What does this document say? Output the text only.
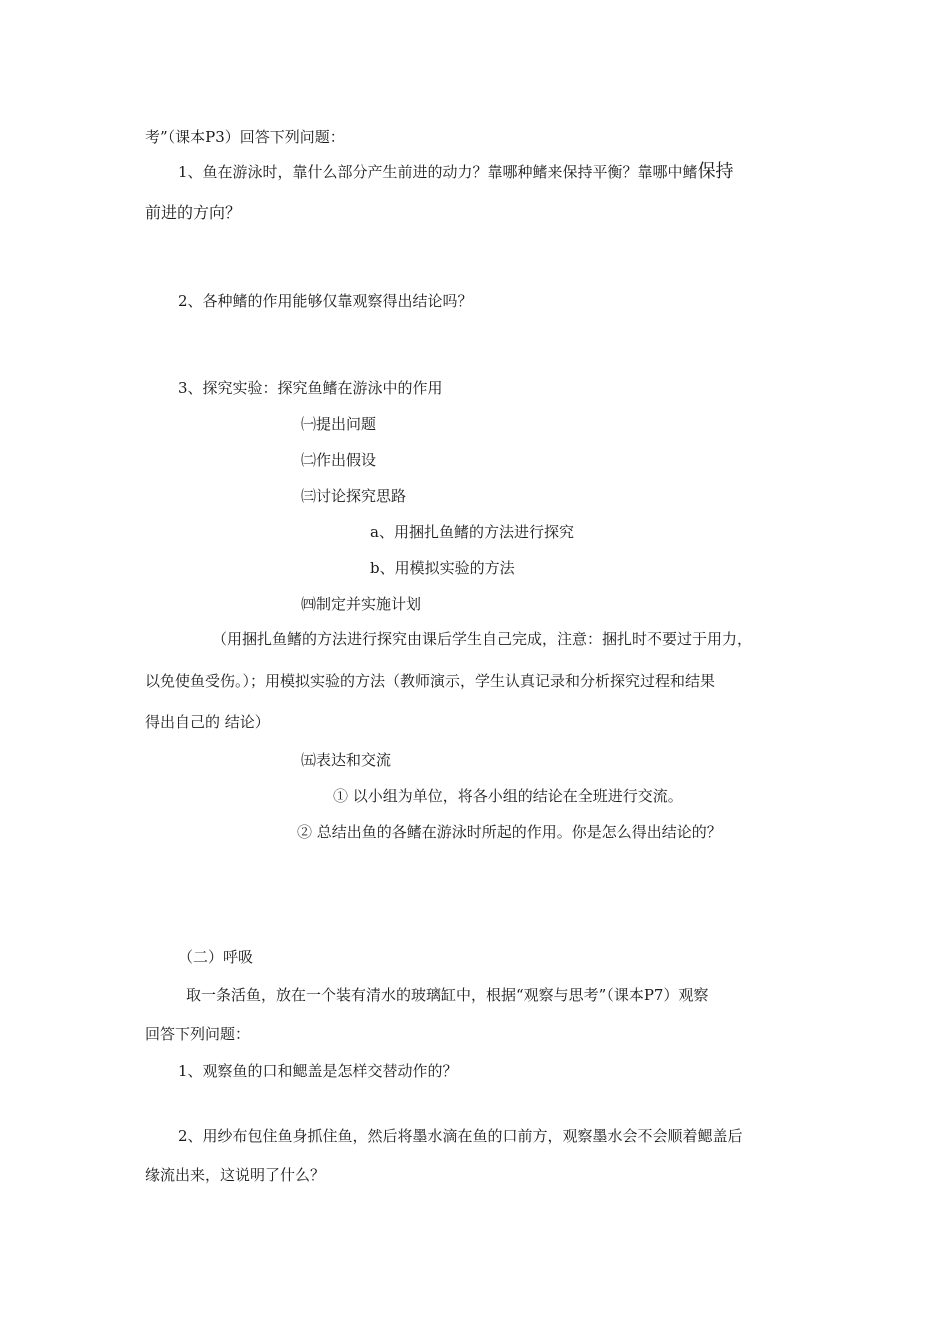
考”（课本P3）回答下列问题：
1、鱼在游泳时，靠什么部分产生前进的动力？靠哪种鳍来保持平衡？靠哪中鳍保持
前进的方向？
2、各种鳍的作用能够仅靠观察得出结论吗？
3、探究实验：探究鱼鳍在游泳中的作用
㈠提出问题
㈡作出假设
㈢讨论探究思路
a、用捆扎鱼鳍的方法进行探究
b、用模拟实验的方法
㈣制定并实施计划
（用捆扎鱼鳍的方法进行探究由课后学生自己完成，注意：捆扎时不要过于用力，
以免使鱼受伤。）；用模拟实验的方法（教师演示，学生认真记录和分析探究过程和结果
得出自己的 结论）
㈤表达和交流
① 以小组为单位，将各小组的结论在全班进行交流。
② 总结出鱼的各鳍在游泳时所起的作用。你是怎么得出结论的？
（二）呼吸
取一条活鱼，放在一个装有清水的玻璃缸中，根据“观察与思考”（课本P7）观察
回答下列问题：
1、观察鱼的口和鳃盖是怎样交替动作的？
2、用纱布包住鱼身抓住鱼，然后将墨水滴在鱼的口前方，观察墨水会不会顺着鳃盖后
缘流出来，这说明了什么？
